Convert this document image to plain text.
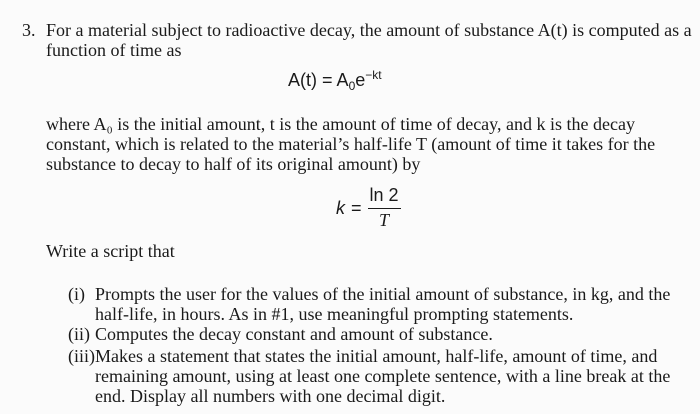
3. For a material subject to radioactive decay, the amount of substance A(t) is computed as a function of time as

$A(t) = A_0e^{-kt}$

where A₀ is the initial amount, t is the amount of time of decay, and k is the decay constant, which is related to the material’s half-life T (amount of time it takes for the substance to decay to half of its original amount) by

$k = \frac{\ln 2}{T}$

Write a script that

(i) Prompts the user for the values of the initial amount of substance, in kg, and the half-life, in hours. As in #1, use meaningful prompting statements.
(ii) Computes the decay constant and amount of substance.
(iii) Makes a statement that states the initial amount, half-life, amount of time, and remaining amount, using at least one complete sentence, with a line break at the end. Display all numbers with one decimal digit.
